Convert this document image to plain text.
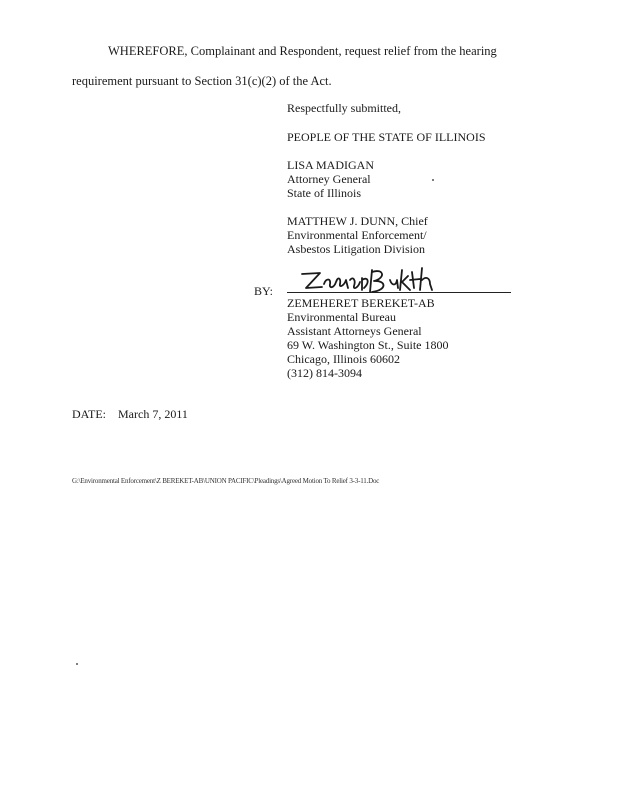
WHEREFORE, Complainant and Respondent, request relief from the hearing
requirement pursuant to Section 31(c)(2) of the Act.
Respectfully submitted,
PEOPLE OF THE STATE OF ILLINOIS
LISA MADIGAN
Attorney General
State of Illinois
MATTHEW J. DUNN, Chief
Environmental Enforcement/
Asbestos Litigation Division
BY:
ZEMEHERET BEREKET-AB
Environmental Bureau
Assistant Attorneys General
69 W. Washington St., Suite 1800
Chicago, Illinois 60602
(312) 814-3094
DATE: March 7, 2011
G:\Environmental Enforcement\Z BEREKET-AB\UNION PACIFIC\Pleadings\Agreed Motion To Relief 3-3-11.Doc
